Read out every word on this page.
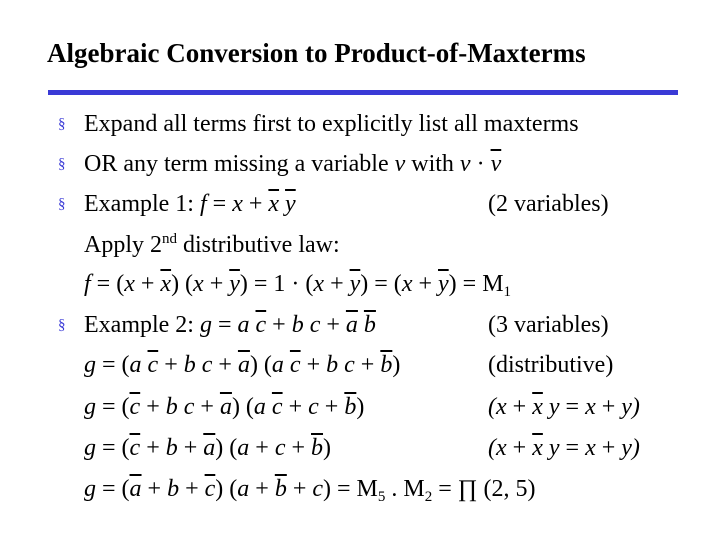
Algebraic Conversion to Product-of-Maxterms
§ Expand all terms first to explicitly list all maxterms
§ OR any term missing a variable v with $v \cdot \overline{v}$
§ Example 1: $f = x + \overline{x}$ $\overline{y}$	(2 variables)
Apply 2nd distributive law:
$f = (x + \overline{x})$ $(x + \overline{y}) = 1 \cdot (x + \overline{y}) = (x + \overline{y}) = M_1$
§ Example 2: g = a $\overline{c} + b$ $c + \overline{a}$ $\overline{b}$	(3 variables)
g = (a $\overline{c} + b$ $c + \overline{a}$) (a $\overline{c} + b$ $c + \overline{b}$)	(distributive)
$g = (\overline{c} + b$ $c + \overline{a}$) (a $\overline{c} + c + \overline{b}$)	($x + \overline{x}$ y = x + y)
$g = (\overline{c} + b + \overline{a}) (a + c + \overline{b})$	($x + \overline{x}$ y = x + y)
$g = (\overline{a} + b + \overline{c}) (a + \overline{b} + c) = M_5$ . $M_2$ = ∏ (2, 5)
